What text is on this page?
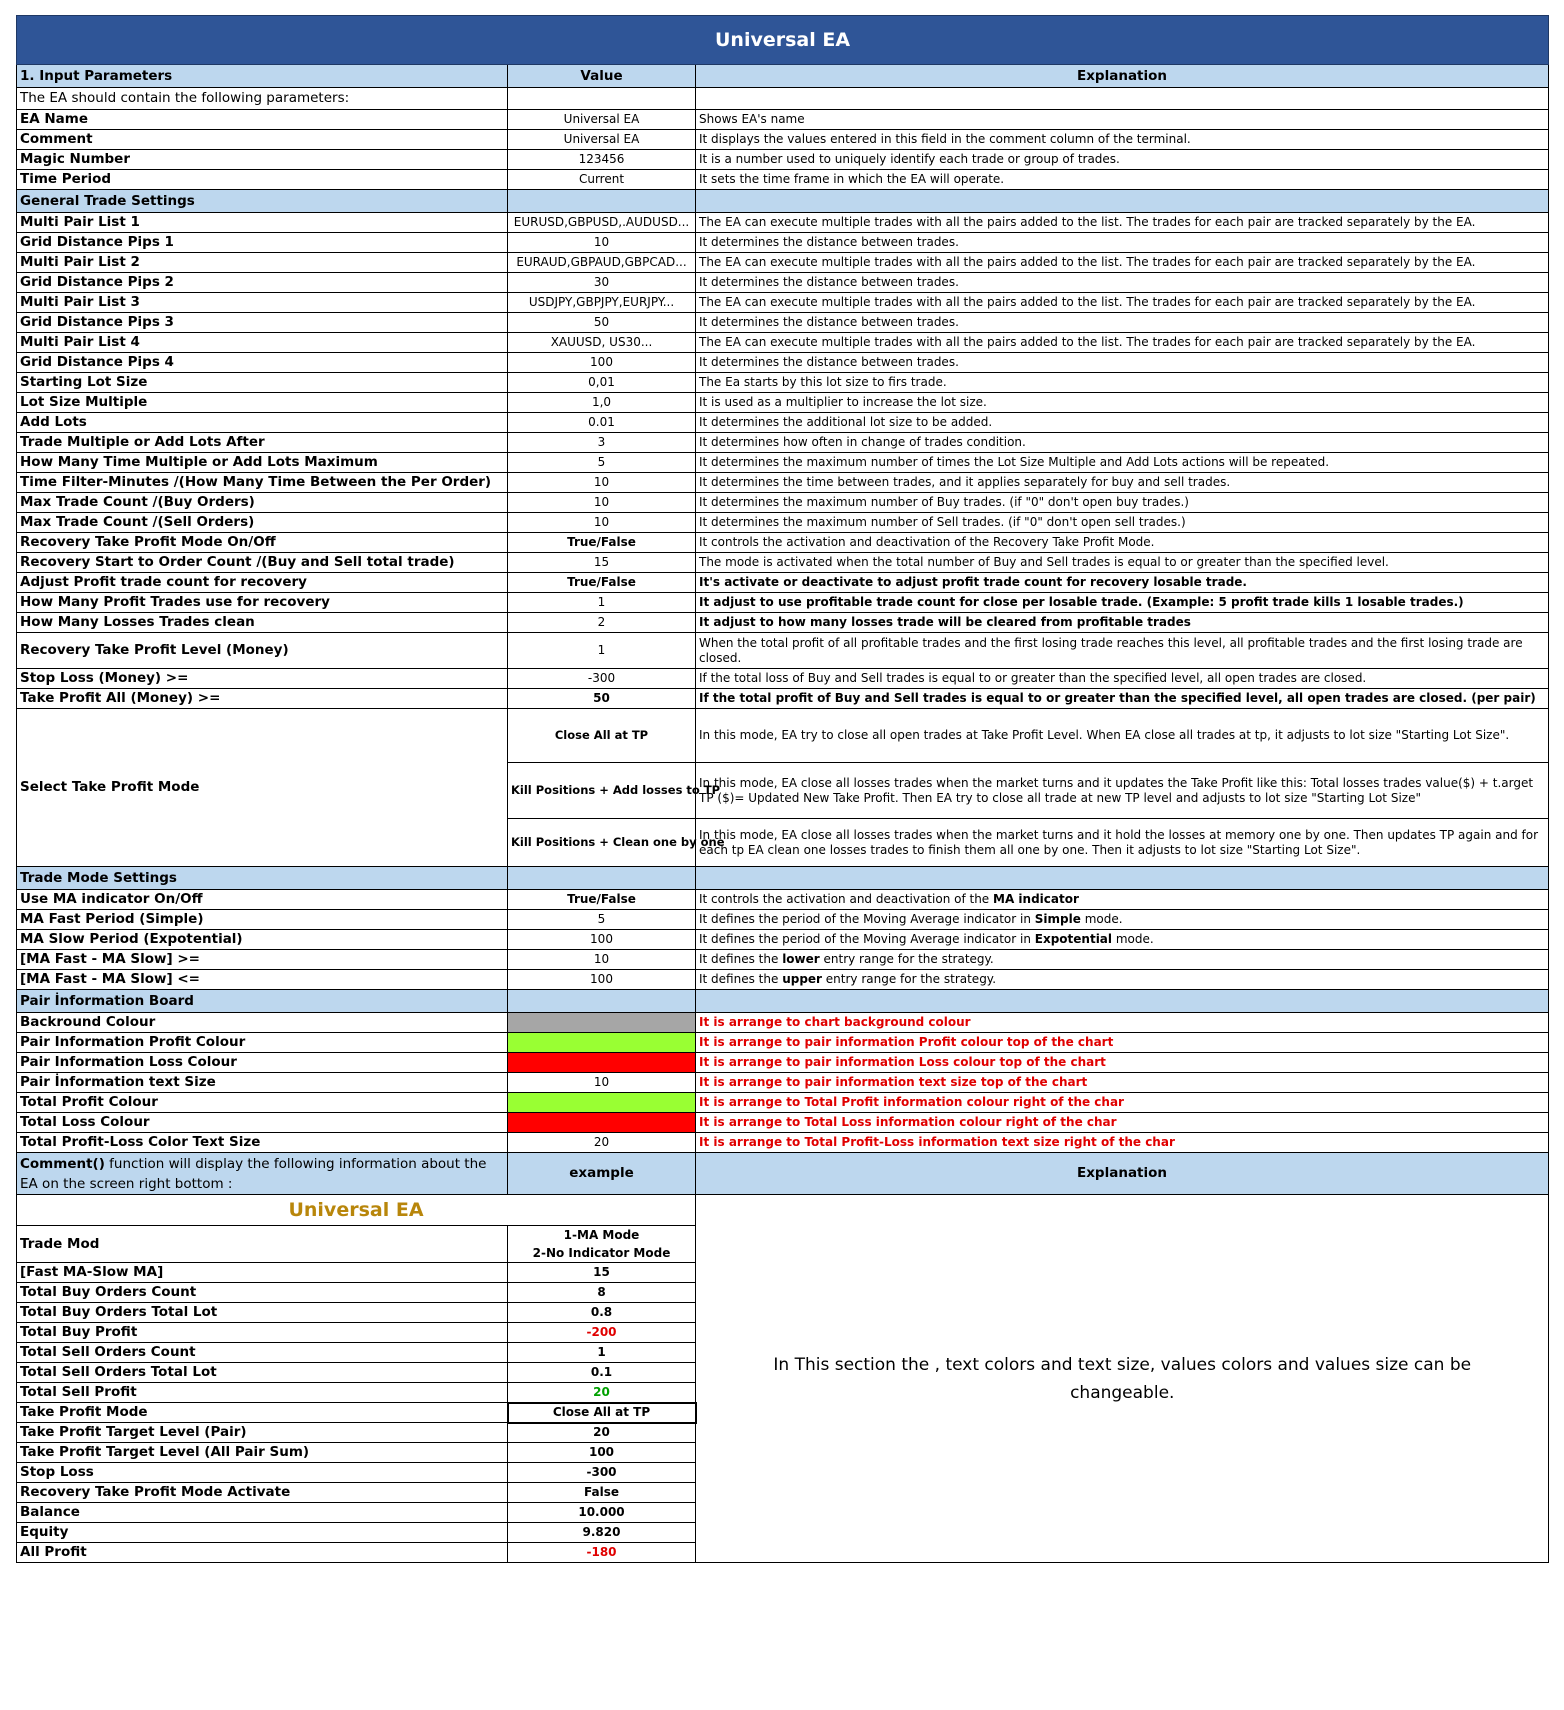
Universal EA		
1. Input Parameters	Value	Explanation
The EA should contain the following parameters:		
EA Name	Universal EA	Shows EA's name
Comment	Universal EA	It displays the values entered in this field in the comment column of the terminal.
Magic Number	123456	It is a number used to uniquely identify each trade or group of trades.
Time Period	Current	It sets the time frame in which the EA will operate.
General Trade Settings		
Multi Pair List 1	EURUSD,GBPUSD,.AUDUSD...	The EA can execute multiple trades with all the pairs added to the list. The trades for each pair are tracked separately by the EA.
Grid Distance Pips 1	10	It determines the distance between trades.
Multi Pair List 2	EURAUD,GBPAUD,GBPCAD...	The EA can execute multiple trades with all the pairs added to the list. The trades for each pair are tracked separately by the EA.
Grid Distance Pips 2	30	It determines the distance between trades.
Multi Pair List 3	USDJPY,GBPJPY,EURJPY...	The EA can execute multiple trades with all the pairs added to the list. The trades for each pair are tracked separately by the EA.
Grid Distance Pips 3	50	It determines the distance between trades.
Multi Pair List 4	XAUUSD, US30...	The EA can execute multiple trades with all the pairs added to the list. The trades for each pair are tracked separately by the EA.
Grid Distance Pips 4	100	It determines the distance between trades.
Starting Lot Size	0,01	The Ea starts by this lot size to firs trade.
Lot Size Multiple	1,0	It is used as a multiplier to increase the lot size.
Add Lots	0.01	It determines the additional lot size to be added.
Trade Multiple or Add Lots After	3	It determines how often in change of trades condition.
How Many Time Multiple or Add Lots Maximum	5	It determines the maximum number of times the Lot Size Multiple and Add Lots actions will be repeated.
Time Filter-Minutes /(How Many Time Between the Per Order)	10	It determines the time between trades, and it applies separately for buy and sell trades.
Max Trade Count /(Buy Orders)	10	It determines the maximum number of Buy trades. (if "0" don't open buy trades.)
Max Trade Count /(Sell Orders)	10	It determines the maximum number of Sell trades. (if "0" don't open sell trades.)
Recovery Take Profit Mode On/Off	True/False	It controls the activation and deactivation of the Recovery Take Profit Mode.
Recovery Start to Order Count /(Buy and Sell total trade)	15	The mode is activated when the total number of Buy and Sell trades is equal to or greater than the specified level.
Adjust Profit trade count for recovery	True/False	It's activate or deactivate to adjust profit trade count for recovery losable trade.
How Many Profit Trades use for recovery	1	It adjust to use profitable trade count for close per losable trade. (Example: 5 profit trade kills 1 losable trades.)
How Many Losses Trades clean	2	It adjust to how many losses trade will be cleared from profitable trades
Recovery Take Profit Level (Money)	1	When the total profit of all profitable trades and the first losing trade reaches this level, all profitable trades and the first losing trade are closed.
Stop Loss (Money) >=	-300	If the total loss of Buy and Sell trades is equal to or greater than the specified level, all open trades are closed.
Take Profit All (Money) >=	50	If the total profit of Buy and Sell trades is equal to or greater than the specified level, all open trades are closed. (per pair)
Select Take Profit Mode	Close All at TP	In this mode, EA try to close all open trades at Take Profit Level. When EA close all trades at tp, it adjusts to lot size "Starting Lot Size".
	Kill Positions + Add losses to TP	In this mode, EA close all losses trades when the market turns and it updates the Take Profit like this: Total losses trades value($) + t.arget TP ($)= Updated New Take Profit. Then EA try to close all trade at new TP level and adjusts to lot size "Starting Lot Size"
	Kill Positions + Clean one by one	In this mode, EA close all losses trades when the market turns and it hold the losses at memory one by one. Then updates TP again and for each tp EA clean one losses trades to finish them all one by one. Then it adjusts to lot size "Starting Lot Size".
Trade Mode Settings		
Use MA indicator On/Off	True/False	It controls the activation and deactivation of the MA indicator
MA Fast Period (Simple)	5	It defines the period of the Moving Average indicator in Simple mode.
MA Slow Period (Expotential)	100	It defines the period of the Moving Average indicator in Expotential mode.
[MA Fast - MA Slow] >=	10	It defines the lower entry range for the strategy.
[MA Fast - MA Slow] <=	100	It defines the upper entry range for the strategy.
Pair İnformation Board		
Backround Colour		It is arrange to chart background colour
Pair Information Profit Colour		It is arrange to pair information Profit colour top of the chart
Pair Information Loss Colour		It is arrange to pair information Loss colour top of the chart
Pair İnformation text Size	10	It is arrange to pair information text size top of the chart
Total Profit Colour		It is arrange to Total Profit information colour right of the char
Total Loss Colour		It is arrange to Total Loss information colour right of the char
Total Profit-Loss Color Text Size	20	It is arrange to Total Profit-Loss information text size right of the char
Comment() function will display the following information about the EA on the screen right bottom :	example	Explanation
Universal EA		In This section the , text colors and text size, values colors and values size can be changeable.
Trade Mod	1-MA Mode
2-No Indicator Mode	

[Fast MA-Slow MA]	15	

Total Buy Orders Count	8	

Total Buy Orders Total Lot	0.8	

Total Buy Profit	-200	

Total Sell Orders Count	1	

Total Sell Orders Total Lot	0.1	

Total Sell Profit	20	

Take Profit Mode	Close All at TP	

Take Profit Target Level (Pair)	20	

Take Profit Target Level (All Pair Sum)	100	

Stop Loss	-300	

Recovery Take Profit Mode Activate	False	

Balance	10.000	

Equity	9.820	

All Profit	-180	
